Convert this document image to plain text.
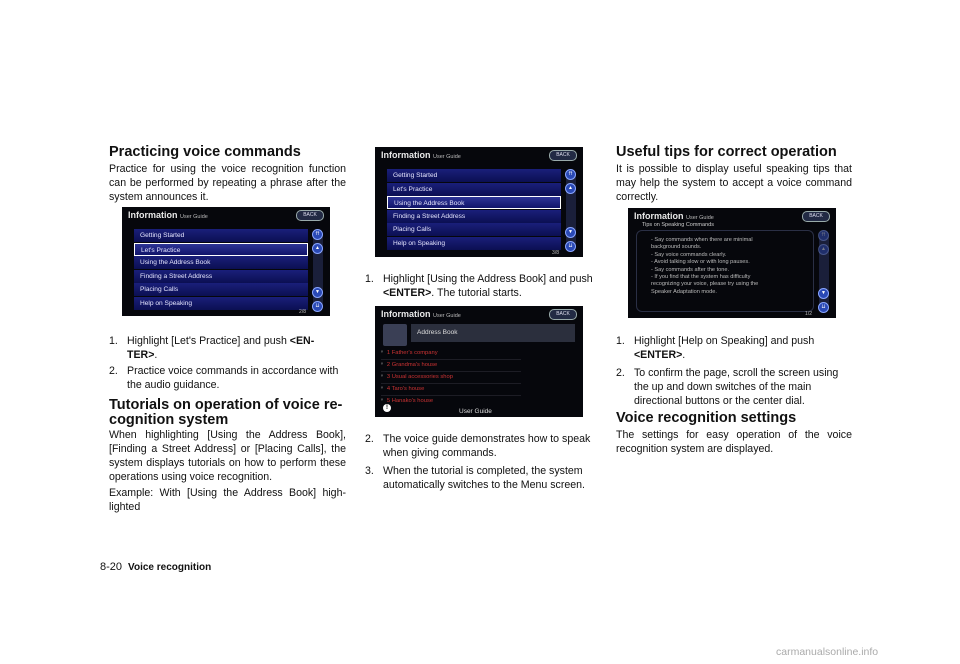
Practicing voice commands

Practice for using the voice recognition function can be performed by repeating a phrase after the system announces it.

Information User Guide	BACK
Getting Started
Let's Practice
Using the Address Book
Finding a Street Address
Placing Calls
Help on Speaking
⇈
▲
▼
⇊
2/8
1. Highlight [Let's Practice] and push <EN- TER>.
2. Practice voice commands in accordance with the audio guidance.
Tutorials on operation of voice re- cognition system

When highlighting [Using the Address Book], [Finding a Street Address] or [Placing Calls], the system displays tutorials on how to perform these operations using voice recognition.

Example: With [Using the Address Book] high- lighted

Information User Guide	BACK
Getting Started
Let's Practice
Using the Address Book
Finding a Street Address
Placing Calls
Help on Speaking
⇈
▲
▼
⇊
3/8
1. Highlight [Using the Address Book] and push <ENTER>. The tutorial starts.
Information User Guide	BACK
Address Book
ᵛ 1 Father's company
ᵛ 2 Grandma's house
ᵛ 3 Usual accessories shop
ᵛ 4 Taro's house
ᵛ 5 Hanako's house
!	User Guide
2. The voice guide demonstrates how to speak when giving commands.
3. When the tutorial is completed, the system automatically switches to the Menu screen.
Useful tips for correct operation

It is possible to display useful speaking tips that may help the system to accept a voice command correctly.

Information User Guide	BACK
Tips on Speaking Commands
- Say commands when there are minimal
background sounds.
- Say voice commands clearly.
- Avoid talking slow or with long pauses.
- Say commands after the tone.
- If you find that the system has difficulty
recognizing your voice, please try using the
Speaker Adaptation mode.
⇈
▲
▼
⇊
1/2
1. Highlight [Help on Speaking] and push <ENTER>.
2. To confirm the page, scroll the screen using the up and down switches of the main directional buttons or the center dial.
Voice recognition settings

The settings for easy operation of the voice recognition system are displayed.

8-20 Voice recognition
carmanualsonline.info
